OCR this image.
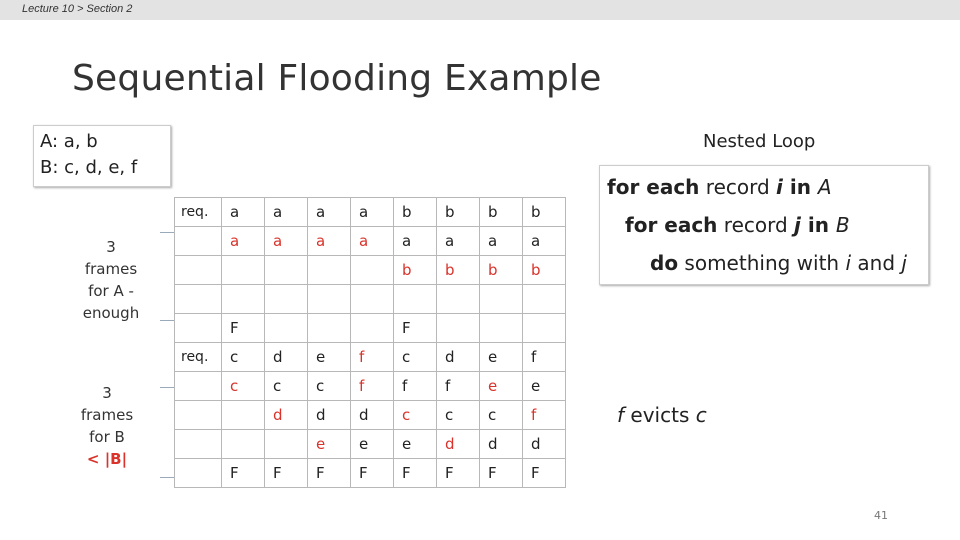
Lecture 10 > Section 2
Sequential Flooding Example
A: a, b
B: c, d, e, f
Nested Loop
for each record i in A
for each record j in B
do something with i and j
3
frames
for A -
enough
3
frames
for B
< |B|
req.	a	a	a	a	b	b	b	b
	a	a	a	a	a	a	a	a
					b	b	b	b

	F				F			
req.	c	d	e	f	c	d	e	f
	c	c	c	f	f	f	e	e
		d	d	d	c	c	c	f
			e	e	e	d	d	d
	F	F	F	F	F	F	F	F
f evicts c
41
